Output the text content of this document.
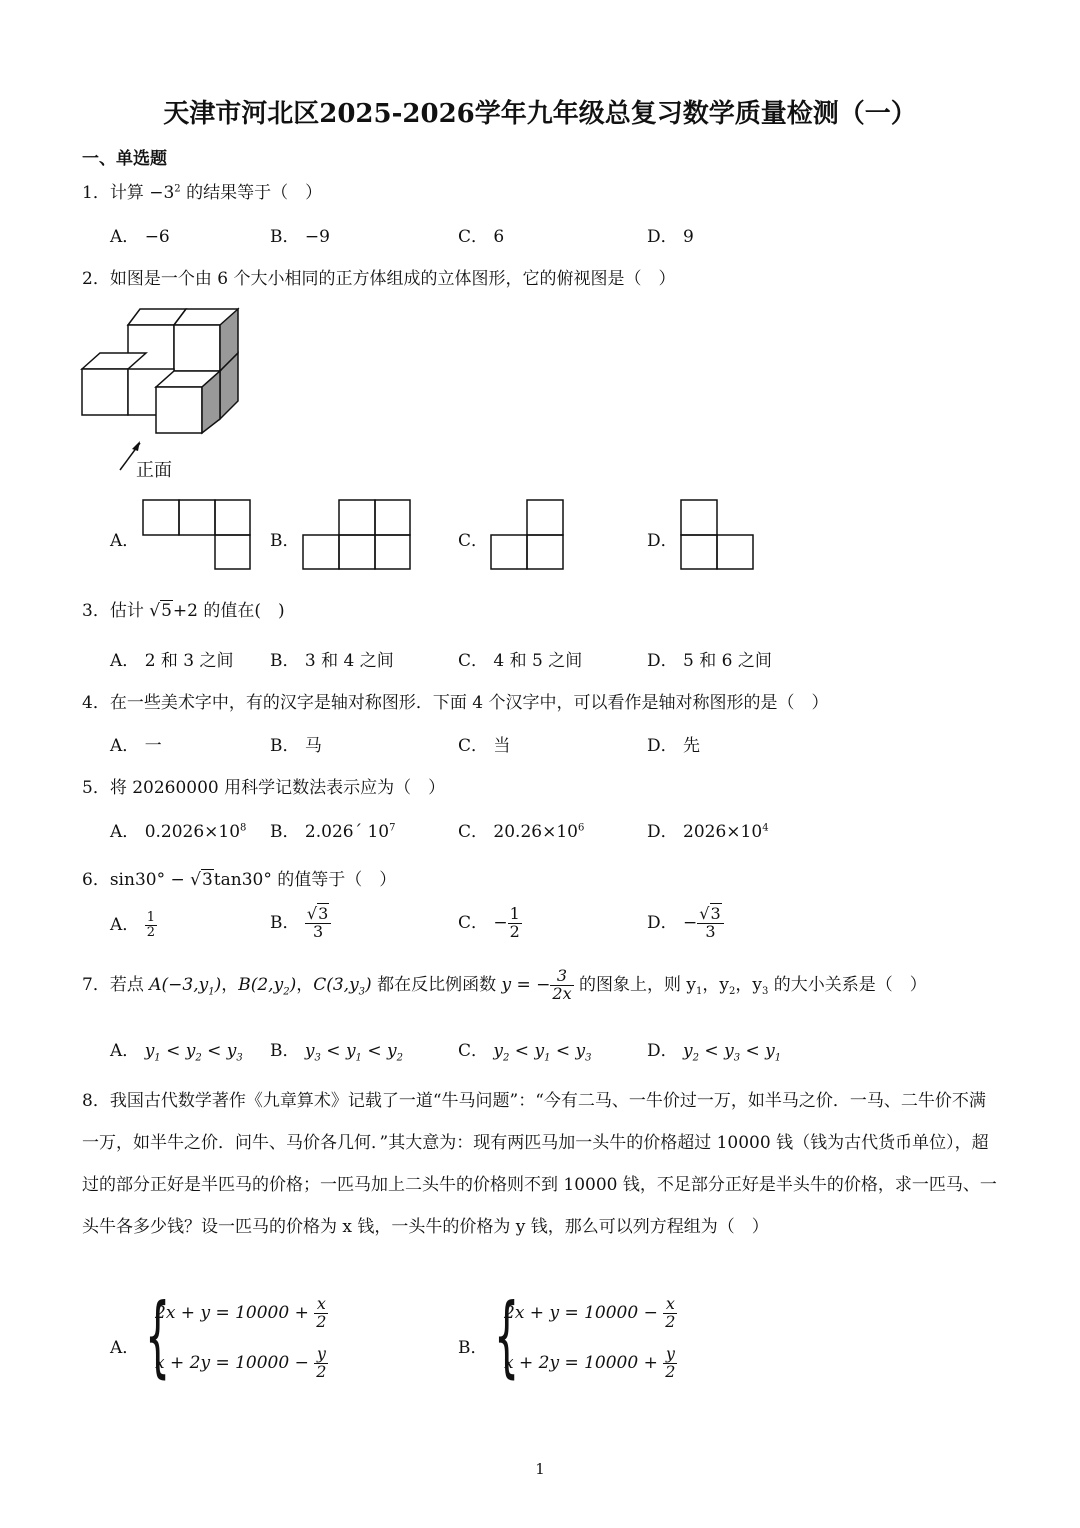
天津市河北区2025-2026学年九年级总复习数学质量检测（一）
一、单选题
1．计算 $-3^2$ 的结果等于（　）
A． −6	B． −9	C． 6	D． 9
2．如图是一个由 6 个大小相同的正方体组成的立体图形，它的俯视图是（　）
正面
A．	B．	C．	D．
3．估计 √5+2 的值在(　)
A． 2 和 3 之间 B． 3 和 4 之间	C． 4 和 5 之间	D． 5 和 6 之间
4．在一些美术字中，有的汉字是轴对称图形．下面 4 个汉字中，可以看作是轴对称图形的是（　）
A． 一	B． 马	C． 当	D． 先
5．将 20260000 用科学记数法表示应为（　）
A． $0.2026\times 10^8$ B． 2.026´ $10^7$	C． $20.26\times 10^6$	D． $2026\times 10^4$
6．sin30° − √3tan30° 的值等于（　）
A． $\frac{1}{2}$	B． $\frac{√3}{3}$	C． − $\frac{1}{2}$	D． − $\frac{√3}{3}$
7．若点 $A(-3,y_1)$，$B(2,y_2)$，$C(3,y_3)$ 都在反比例函数 y = − $\frac{3}{2x}$ 的图象上，则 $y_1$，$y_2$，$y_3$ 的大小关系是（　）
A． $y_1 < y_2 < y_3$ B． $y_3 < y_1 < y_2$	C． $y_2 < y_1 < y_3$	D． $y_2 < y_3 < y_1$
8．我国古代数学著作《九章算术》记载了一道“牛马问题”：“今有二马、一牛价过一万，如半马之价．一马、二牛价不满一万，如半牛之价．问牛、马价各几何．”其大意为：现有两匹马加一头牛的价格超过 10000 钱（钱为古代货币单位），超过的部分正好是半匹马的价格；一匹马加上二头牛的价格则不到 10000 钱，不足部分正好是半头牛的价格，求一匹马、一头牛各多少钱？设一匹马的价格为 x 钱，一头牛的价格为 y 钱，那么可以列方程组为（　）
A． {
$2x + y = 10000 + \frac{x}{2}$
$x + 2y = 10000 - \frac{y}{2}$	B． {
$2x + y = 10000 - \frac{x}{2}$
$x + 2y = 10000 + \frac{y}{2}$
1
